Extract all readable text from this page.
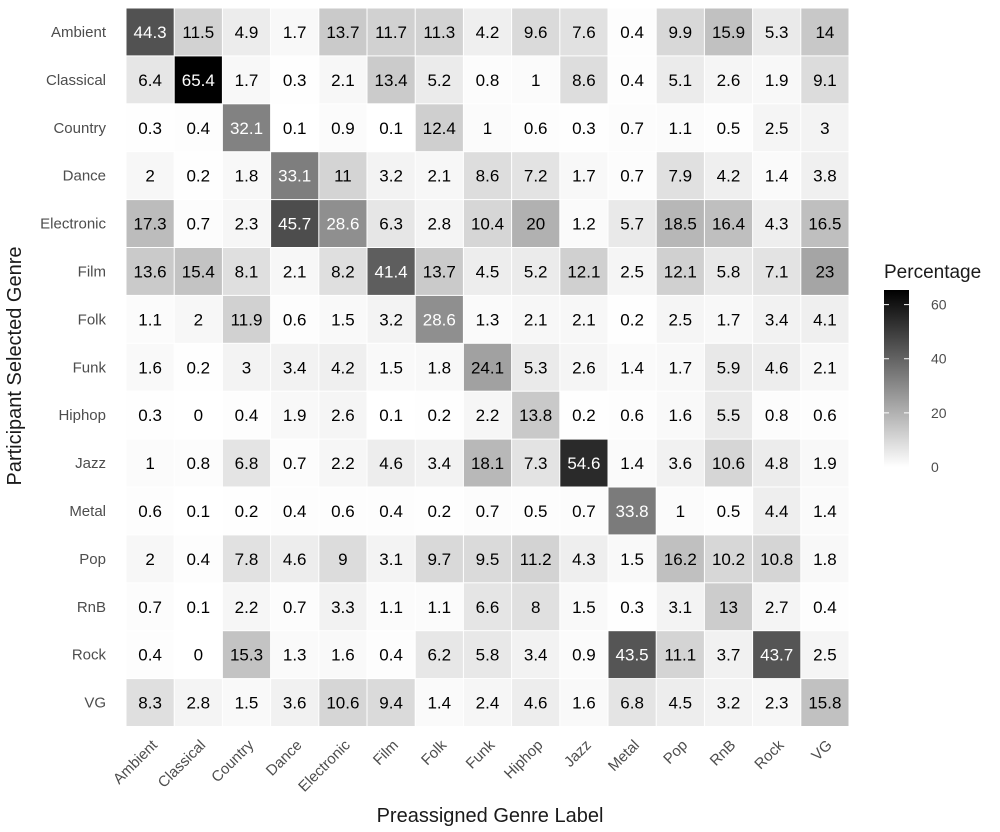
44.3 11.5 4.9 1.7 13.7 11.7 11.3 4.2 9.6 7.6 0.4 9.9 15.9 5.3 14
6.4 65.4 1.7 0.3 2.1 13.4 5.2 0.8 1 8.6 0.4 5.1 2.6 1.9 9.1
0.3 0.4 32.1 0.1 0.9 0.1 12.4 1 0.6 0.3 0.7 1.1 0.5 2.5 3
2 0.2 1.8 33.1 11 3.2 2.1 8.6 7.2 1.7 0.7 7.9 4.2 1.4 3.8
17.3 0.7 2.3 45.7 28.6 6.3 2.8 10.4 20 1.2 5.7 18.5 16.4 4.3 16.5
13.6 15.4 8.1 2.1 8.2 41.4 13.7 4.5 5.2 12.1 2.5 12.1 5.8 7.1 23
1.1 2 11.9 0.6 1.5 3.2 28.6 1.3 2.1 2.1 0.2 2.5 1.7 3.4 4.1
1.6 0.2 3 3.4 4.2 1.5 1.8 24.1 5.3 2.6 1.4 1.7 5.9 4.6 2.1
0.3 0 0.4 1.9 2.6 0.1 0.2 2.2 13.8 0.2 0.6 1.6 5.5 0.8 0.6
1 0.8 6.8 0.7 2.2 4.6 3.4 18.1 7.3 54.6 1.4 3.6 10.6 4.8 1.9
0.6 0.1 0.2 0.4 0.6 0.4 0.2 0.7 0.5 0.7 33.8 1 0.5 4.4 1.4
2 0.4 7.8 4.6 9 3.1 9.7 9.5 11.2 4.3 1.5 16.2 10.2 10.8 1.8
0.7 0.1 2.2 0.7 3.3 1.1 1.1 6.6 8 1.5 0.3 3.1 13 2.7 0.4
0.4 0 15.3 1.3 1.6 0.4 6.2 5.8 3.4 0.9 43.5 11.1 3.7 43.7 2.5
8.3 2.8 1.5 3.6 10.6 9.4 1.4 2.4 4.6 1.6 6.8 4.5 3.2 2.3 15.8
Ambient
Classical
Country
Dance
Electronic
Film
Folk
Funk
Hiphop
Jazz
Metal
Pop
RnB
Rock
VG
Ambient
Classical Country Dance
Electronic Film Folk Funk Hiphop Jazz Metal Pop RnB Rock VG
Preassigned Genre Label
Participant Selected Genre	Percentage
0
20
40
60
